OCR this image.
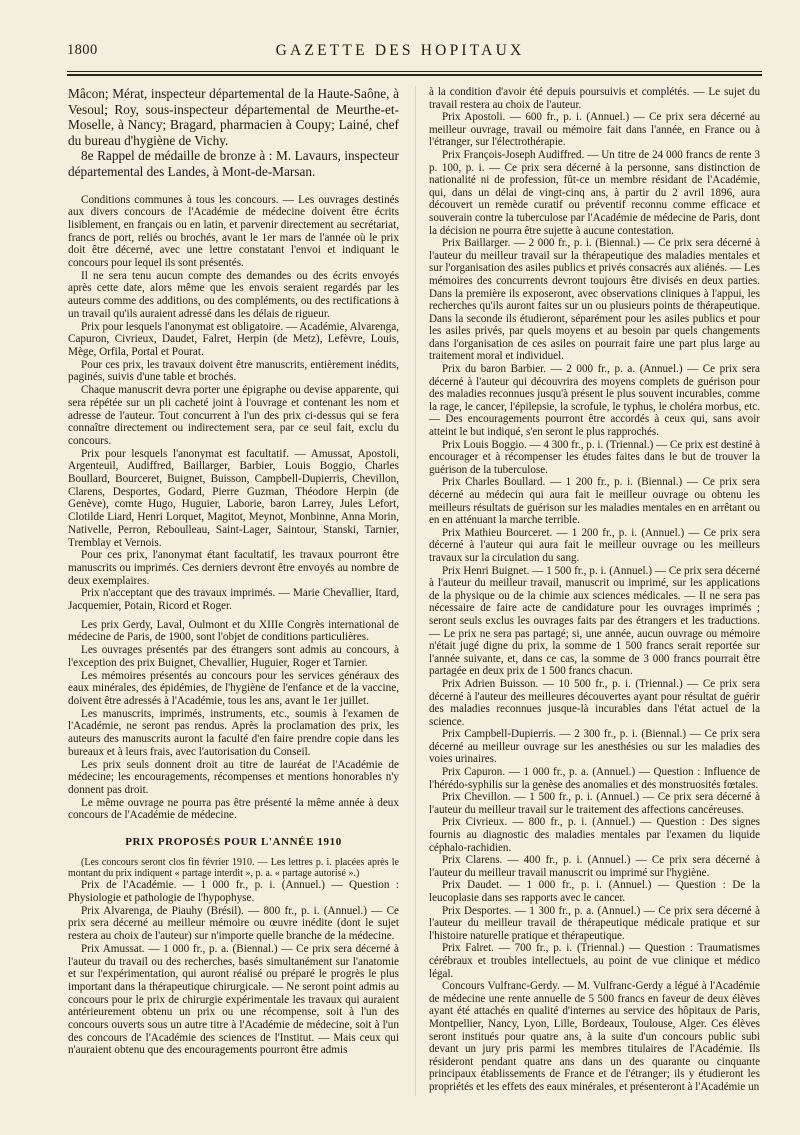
1800	GAZETTE DES HOPITAUX

Mâcon; Mérat, inspecteur départemental de la Haute-Saône, à Vesoul; Roy, sous-inspecteur départemental de Meurthe-et-Moselle, à Nancy; Bragard, pharmacien à Coupy; Lainé, chef du bureau d'hygiène de Vichy.

8e Rappel de médaille de bronze à : M. Lavaurs, inspecteur départemental des Landes, à Mont-de-Marsan.

Conditions communes à tous les concours. — Les ouvrages destinés aux divers concours de l'Académie de médecine doivent être écrits lisiblement, en français ou en latin, et parvenir directement au secrétariat, francs de port, reliés ou brochés, avant le 1er mars de l'année où le prix doit être décerné, avec une lettre constatant l'envoi et indiquant le concours pour lequel ils sont présentés.

Il ne sera tenu aucun compte des demandes ou des écrits envoyés après cette date, alors même que les envois seraient regardés par les auteurs comme des additions, ou des compléments, ou des rectifications à un travail qu'ils auraient adressé dans les délais de rigueur.

Prix pour lesquels l'anonymat est obligatoire. — Académie, Alvarenga, Capuron, Civrieux, Daudet, Falret, Herpin (de Metz), Lefèvre, Louis, Mège, Orfila, Portal et Pourat.

Pour ces prix, les travaux doivent être manuscrits, entièrement inédits, paginés, suivis d'une table et brochés.

Chaque manuscrit devra porter une épigraphe ou devise apparente, qui sera répétée sur un pli cacheté joint à l'ouvrage et contenant les nom et adresse de l'auteur. Tout concurrent à l'un des prix ci-dessus qui se fera connaître directement ou indirectement sera, par ce seul fait, exclu du concours.

Prix pour lesquels l'anonymat est facultatif. — Amussat, Apostoli, Argenteuil, Audiffred, Baillarger, Barbier, Louis Boggio, Charles Boullard, Bourceret, Buignet, Buisson, Campbell-Dupierris, Chevillon, Clarens, Desportes, Godard, Pierre Guzman, Théodore Herpin (de Genève), comte Hugo, Huguier, Laborie, baron Larrey, Jules Lefort, Clotilde Liard, Henri Lorquet, Magitot, Meynot, Monbinne, Anna Morin, Nativelle, Perron, Reboulleau, Saint-Lager, Saintour, Stanski, Tarnier, Tremblay et Vernois.

Pour ces prix, l'anonymat étant facultatif, les travaux pourront être manuscrits ou imprimés. Ces derniers devront être envoyés au nombre de deux exemplaires.

Prix n'acceptant que des travaux imprimés. — Marie Chevallier, Itard, Jacquemier, Potain, Ricord et Roger.

Les prix Gerdy, Laval, Oulmont et du XIIIe Congrès international de médecine de Paris, de 1900, sont l'objet de conditions particulières.

Les ouvrages présentés par des étrangers sont admis au concours, à l'exception des prix Buignet, Chevallier, Huguier, Roger et Tarnier.

Les mémoires présentés au concours pour les services généraux des eaux minérales, des épidémies, de l'hygiène de l'enfance et de la vaccine, doivent être adressés à l'Académie, tous les ans, avant le 1er juillet.

Les manuscrits, imprimés, instruments, etc., soumis à l'examen de l'Académie, ne seront pas rendus. Après la proclamation des prix, les auteurs des manuscrits auront la faculté d'en faire prendre copie dans les bureaux et à leurs frais, avec l'autorisation du Conseil.

Les prix seuls donnent droit au titre de lauréat de l'Académie de médecine; les encouragements, récompenses et mentions honorables n'y donnent pas droit.

Le même ouvrage ne pourra pas être présenté la même année à deux concours de l'Académie de médecine.

PRIX PROPOSÉS POUR L'ANNÉE 1910

(Les concours seront clos fin février 1910. — Les lettres p. i. placées après le montant du prix indiquent « partage interdit », p. a. « partage autorisé ».)

Prix de l'Académie. — 1 000 fr., p. i. (Annuel.) — Question : Physiologie et pathologie de l'hypophyse.

Prix Alvarenga, de Piauhy (Brésil). — 800 fr., p. i. (Annuel.) — Ce prix sera décerné au meilleur mémoire ou œuvre inédite (dont le sujet restera au choix de l'auteur) sur n'importe quelle branche de la médecine.

Prix Amussat. — 1 000 fr., p. a. (Biennal.) — Ce prix sera décerné à l'auteur du travail ou des recherches, basés simultanément sur l'anatomie et sur l'expérimentation, qui auront réalisé ou préparé le progrès le plus important dans la thérapeutique chirurgicale. — Ne seront point admis au concours pour le prix de chirurgie expérimentale les travaux qui auraient antérieurement obtenu un prix ou une récompense, soit à l'un des concours ouverts sous un autre titre à l'Académie de médecine, soit à l'un des concours de l'Académie des sciences de l'Institut. — Mais ceux qui n'auraient obtenu que des encouragements pourront être admis

à la condition d'avoir été depuis poursuivis et complétés. — Le sujet du travail restera au choix de l'auteur.

Prix Apostoli. — 600 fr., p. i. (Annuel.) — Ce prix sera décerné au meilleur ouvrage, travail ou mémoire fait dans l'année, en France ou à l'étranger, sur l'électrothérapie.

Prix François-Joseph Audiffred. — Un titre de 24 000 francs de rente 3 p. 100, p. i. — Ce prix sera décerné à la personne, sans distinction de nationalité ni de profession, fût-ce un membre résidant de l'Académie, qui, dans un délai de vingt-cinq ans, à partir du 2 avril 1896, aura découvert un remède curatif ou préventif reconnu comme efficace et souverain contre la tuberculose par l'Académie de médecine de Paris, dont la décision ne pourra être sujette à aucune contestation.

Prix Baillarger. — 2 000 fr., p. i. (Biennal.) — Ce prix sera décerné à l'auteur du meilleur travail sur la thérapeutique des maladies mentales et sur l'organisation des asiles publics et privés consacrés aux aliénés. — Les mémoires des concurrents devront toujours être divisés en deux parties. Dans la première ils exposeront, avec observations cliniques à l'appui, les recherches qu'ils auront faites sur un ou plusieurs points de thérapeutique. Dans la seconde ils étudieront, séparément pour les asiles publics et pour les asiles privés, par quels moyens et au besoin par quels changements dans l'organisation de ces asiles on pourrait faire une part plus large au traitement moral et individuel.

Prix du baron Barbier. — 2 000 fr., p. a. (Annuel.) — Ce prix sera décerné à l'auteur qui découvrira des moyens complets de guérison pour des maladies reconnues jusqu'à présent le plus souvent incurables, comme la rage, le cancer, l'épilepsie, la scrofule, le typhus, le choléra morbus, etc. — Des encouragements pourront être accordés à ceux qui, sans avoir atteint le but indiqué, s'en seront le plus rapprochés.

Prix Louis Boggio. — 4 300 fr., p. i. (Triennal.) — Ce prix est destiné à encourager et à récompenser les études faites dans le but de trouver la guérison de la tuberculose.

Prix Charles Boullard. — 1 200 fr., p. i. (Biennal.) — Ce prix sera décerné au médecin qui aura fait le meilleur ouvrage ou obtenu les meilleurs résultats de guérison sur les maladies mentales en en arrêtant ou en en atténuant la marche terrible.

Prix Mathieu Bourceret. — 1 200 fr., p. i. (Annuel.) — Ce prix sera décerné à l'auteur qui aura fait le meilleur ouvrage ou les meilleurs travaux sur la circulation du sang.

Prix Henri Buignet. — 1 500 fr., p. i. (Annuel.) — Ce prix sera décerné à l'auteur du meilleur travail, manuscrit ou imprimé, sur les applications de la physique ou de la chimie aux sciences médicales. — Il ne sera pas nécessaire de faire acte de candidature pour les ouvrages imprimés ; seront seuls exclus les ouvrages faits par des étrangers et les traductions. — Le prix ne sera pas partagé; si, une année, aucun ouvrage ou mémoire n'était jugé digne du prix, la somme de 1 500 francs serait reportée sur l'année suivante, et, dans ce cas, la somme de 3 000 francs pourrait être partagée en deux prix de 1 500 francs chacun.

Prix Adrien Buisson. — 10 500 fr., p. i. (Triennal.) — Ce prix sera décerné à l'auteur des meilleures découvertes ayant pour résultat de guérir des maladies reconnues jusque-là incurables dans l'état actuel de la science.

Prix Campbell-Dupierris. — 2 300 fr., p. i. (Biennal.) — Ce prix sera décerné au meilleur ouvrage sur les anesthésies ou sur les maladies des voies urinaires.

Prix Capuron. — 1 000 fr., p. a. (Annuel.) — Question : Influence de l'hérédo-syphilis sur la genèse des anomalies et des monstruosités fœtales.

Prix Chevillon. — 1 500 fr., p. i. (Annuel.) — Ce prix sera décerné à l'auteur du meilleur travail sur le traitement des affections cancéreuses.

Prix Civrieux. — 800 fr., p. i. (Annuel.) — Question : Des signes fournis au diagnostic des maladies mentales par l'examen du liquide céphalo-rachidien.

Prix Clarens. — 400 fr., p. i. (Annuel.) — Ce prix sera décerné à l'auteur du meilleur travail manuscrit ou imprimé sur l'hygiène.

Prix Daudet. — 1 000 fr., p. i. (Annuel.) — Question : De la leucoplasie dans ses rapports avec le cancer.

Prix Desportes. — 1 300 fr., p. a. (Annuel.) — Ce prix sera décerné à l'auteur du meilleur travail de thérapeutique médicale pratique et sur l'histoire naturelle pratique et thérapeutique.

Prix Falret. — 700 fr., p. i. (Triennal.) — Question : Traumatismes cérébraux et troubles intellectuels, au point de vue clinique et médico légal.

Concours Vulfranc-Gerdy. — M. Vulfranc-Gerdy a légué à l'Académie de médecine une rente annuelle de 5 500 francs en faveur de deux élèves ayant été attachés en qualité d'internes au service des hôpitaux de Paris, Montpellier, Nancy, Lyon, Lille, Bordeaux, Toulouse, Alger. Ces élèves seront institués pour quatre ans, à la suite d'un concours public subi devant un jury pris parmi les membres titulaires de l'Académie. Ils résideront pendant quatre ans dans un des quarante ou cinquante principaux établissements de France et de l'étranger; ils y étudieront les propriétés et les effets des eaux minérales, et présenteront à l'Académie un
